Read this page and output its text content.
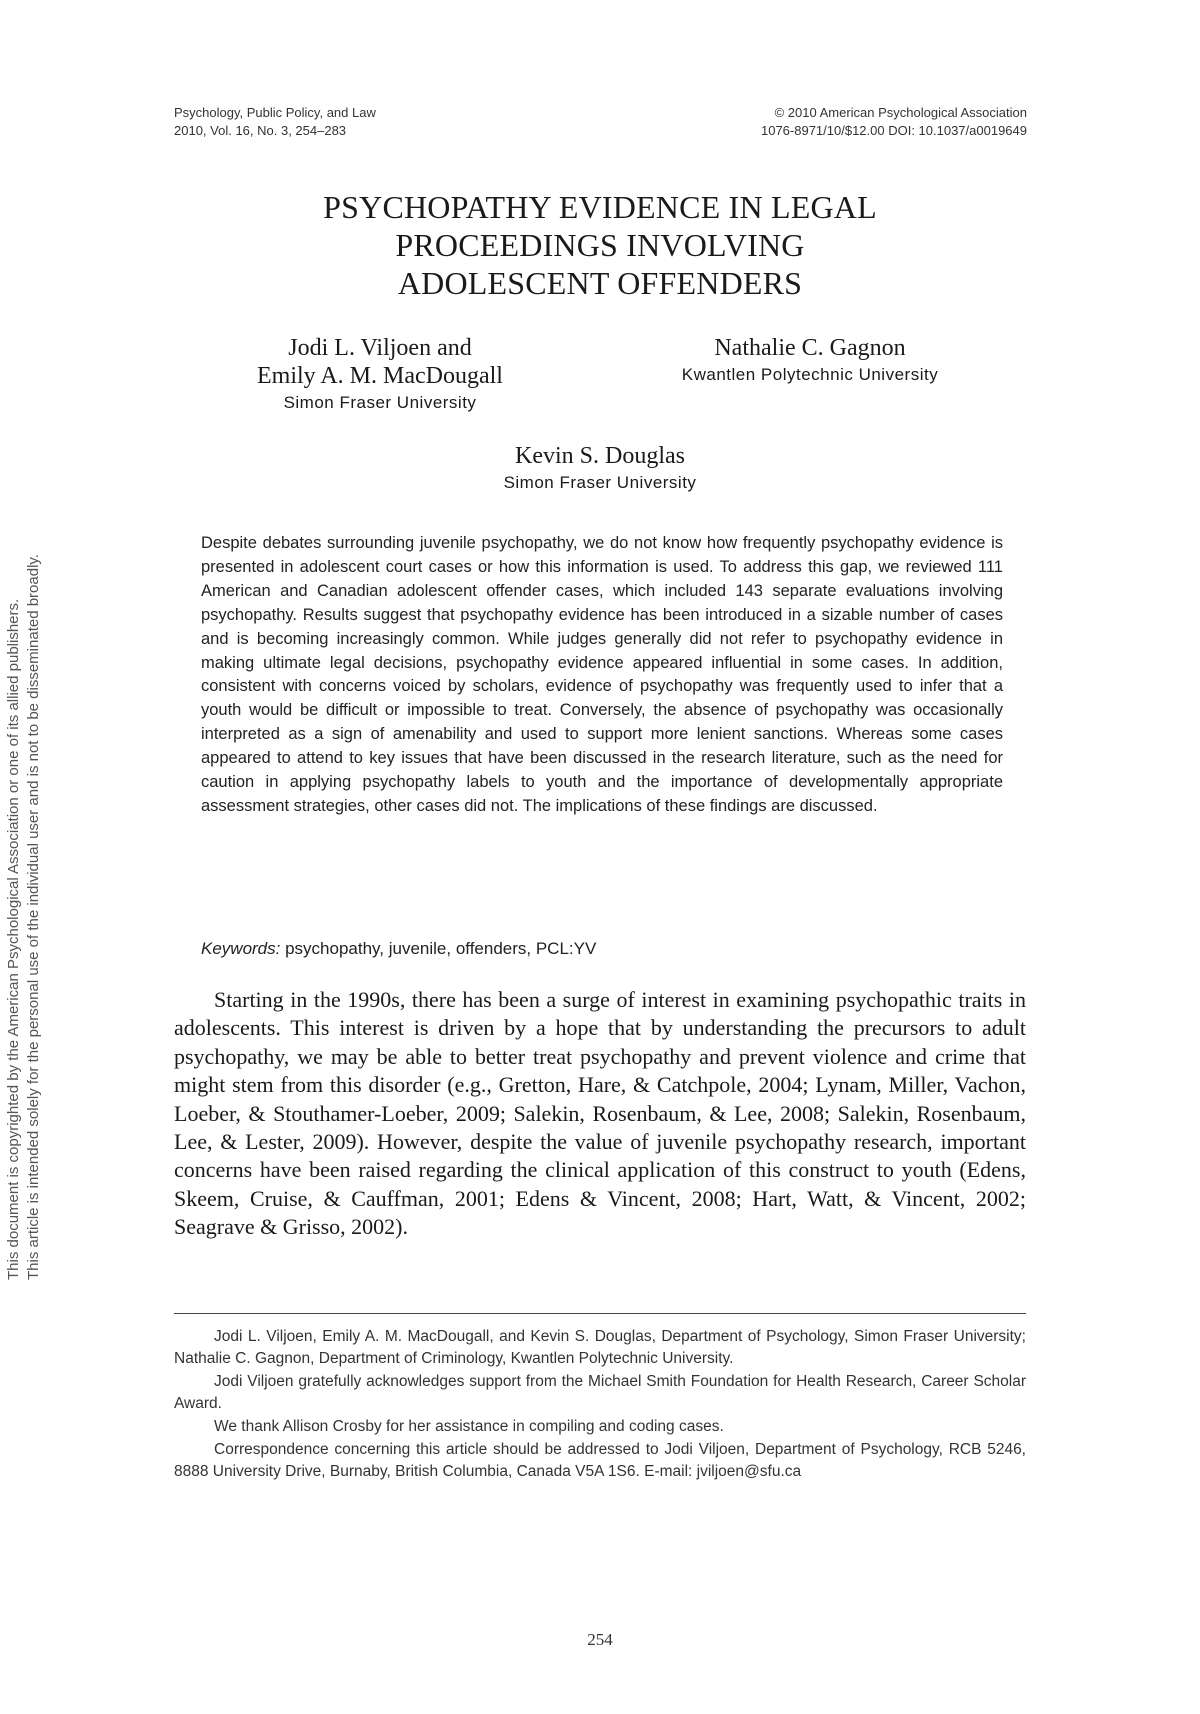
Psychology, Public Policy, and Law
2010, Vol. 16, No. 3, 254–283
© 2010 American Psychological Association
1076-8971/10/$12.00 DOI: 10.1037/a0019649
PSYCHOPATHY EVIDENCE IN LEGAL
PROCEEDINGS INVOLVING
ADOLESCENT OFFENDERS
Jodi L. Viljoen and
Emily A. M. MacDougall
Simon Fraser University
Nathalie C. Gagnon
Kwantlen Polytechnic University
Kevin S. Douglas
Simon Fraser University
Despite debates surrounding juvenile psychopathy, we do not know how frequently psychopathy evidence is presented in adolescent court cases or how this information is used. To address this gap, we reviewed 111 American and Canadian adolescent offender cases, which included 143 separate evaluations involving psychopathy. Results suggest that psychopathy evidence has been introduced in a sizable number of cases and is becoming increasingly common. While judges generally did not refer to psychopathy evidence in making ultimate legal decisions, psychopathy evidence appeared influential in some cases. In addition, consistent with concerns voiced by scholars, evidence of psychopathy was frequently used to infer that a youth would be difficult or impossible to treat. Conversely, the absence of psychopathy was occasionally interpreted as a sign of amenability and used to support more lenient sanctions. Whereas some cases appeared to attend to key issues that have been discussed in the research literature, such as the need for caution in applying psychopathy labels to youth and the importance of developmentally appropriate assessment strategies, other cases did not. The implications of these findings are discussed.
Keywords: psychopathy, juvenile, offenders, PCL:YV
Starting in the 1990s, there has been a surge of interest in examining psychopathic traits in adolescents. This interest is driven by a hope that by understanding the precursors to adult psychopathy, we may be able to better treat psychopathy and prevent violence and crime that might stem from this disorder (e.g., Gretton, Hare, & Catchpole, 2004; Lynam, Miller, Vachon, Loeber, & Stouthamer-Loeber, 2009; Salekin, Rosenbaum, & Lee, 2008; Salekin, Rosenbaum, Lee, & Lester, 2009). However, despite the value of juvenile psychopathy research, important concerns have been raised regarding the clinical application of this construct to youth (Edens, Skeem, Cruise, & Cauffman, 2001; Edens & Vincent, 2008; Hart, Watt, & Vincent, 2002; Seagrave & Grisso, 2002).

Jodi L. Viljoen, Emily A. M. MacDougall, and Kevin S. Douglas, Department of Psychology, Simon Fraser University; Nathalie C. Gagnon, Department of Criminology, Kwantlen Polytechnic University.

Jodi Viljoen gratefully acknowledges support from the Michael Smith Foundation for Health Research, Career Scholar Award.

We thank Allison Crosby for her assistance in compiling and coding cases.

Correspondence concerning this article should be addressed to Jodi Viljoen, Department of Psychology, RCB 5246, 8888 University Drive, Burnaby, British Columbia, Canada V5A 1S6. E-mail: jviljoen@sfu.ca

254
This document is copyrighted by the American Psychological Association or one of its allied publishers. This article is intended solely for the personal use of the individual user and is not to be disseminated broadly.
